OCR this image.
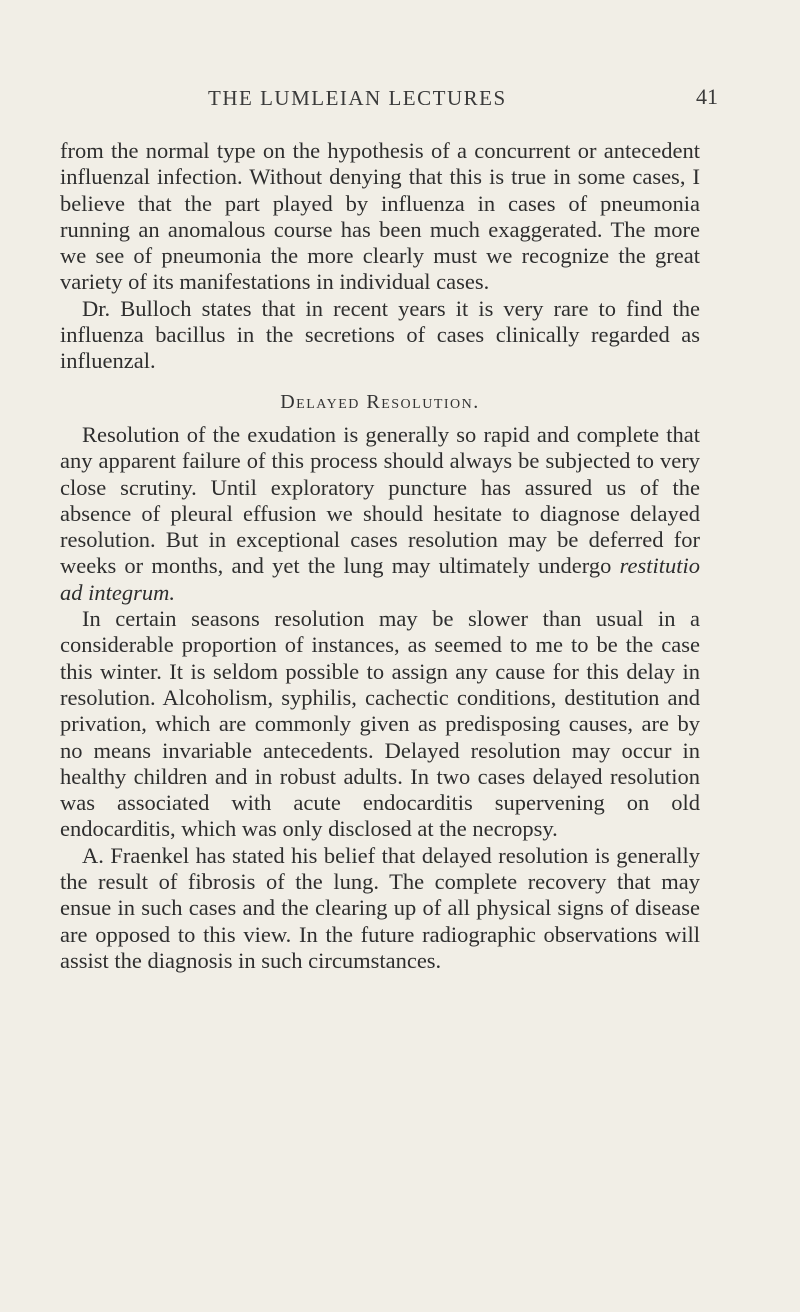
THE LUMLEIAN LECTURES	41

from the normal type on the hypothesis of a concurrent or antecedent influenzal infection. Without denying that this is true in some cases, I believe that the part played by influenza in cases of pneumonia running an anomalous course has been much exaggerated. The more we see of pneumonia the more clearly must we recognize the great variety of its manifestations in individual cases.

Dr. Bulloch states that in recent years it is very rare to find the influenza bacillus in the secretions of cases clinically regarded as influenzal.

Delayed Resolution.

Resolution of the exudation is generally so rapid and complete that any apparent failure of this process should always be subjected to very close scrutiny. Until exploratory puncture has assured us of the absence of pleural effusion we should hesitate to diagnose delayed resolution. But in exceptional cases resolution may be deferred for weeks or months, and yet the lung may ultimately undergo restitutio ad integrum.

In certain seasons resolution may be slower than usual in a considerable proportion of instances, as seemed to me to be the case this winter. It is seldom possible to assign any cause for this delay in resolution. Alcoholism, syphilis, cachectic conditions, destitution and privation, which are commonly given as predisposing causes, are by no means invariable antecedents. Delayed resolution may occur in healthy children and in robust adults. In two cases delayed resolution was associated with acute endocarditis supervening on old endocarditis, which was only disclosed at the necropsy.

A. Fraenkel has stated his belief that delayed resolution is generally the result of fibrosis of the lung. The complete recovery that may ensue in such cases and the clearing up of all physical signs of disease are opposed to this view. In the future radiographic observations will assist the diagnosis in such circumstances.
